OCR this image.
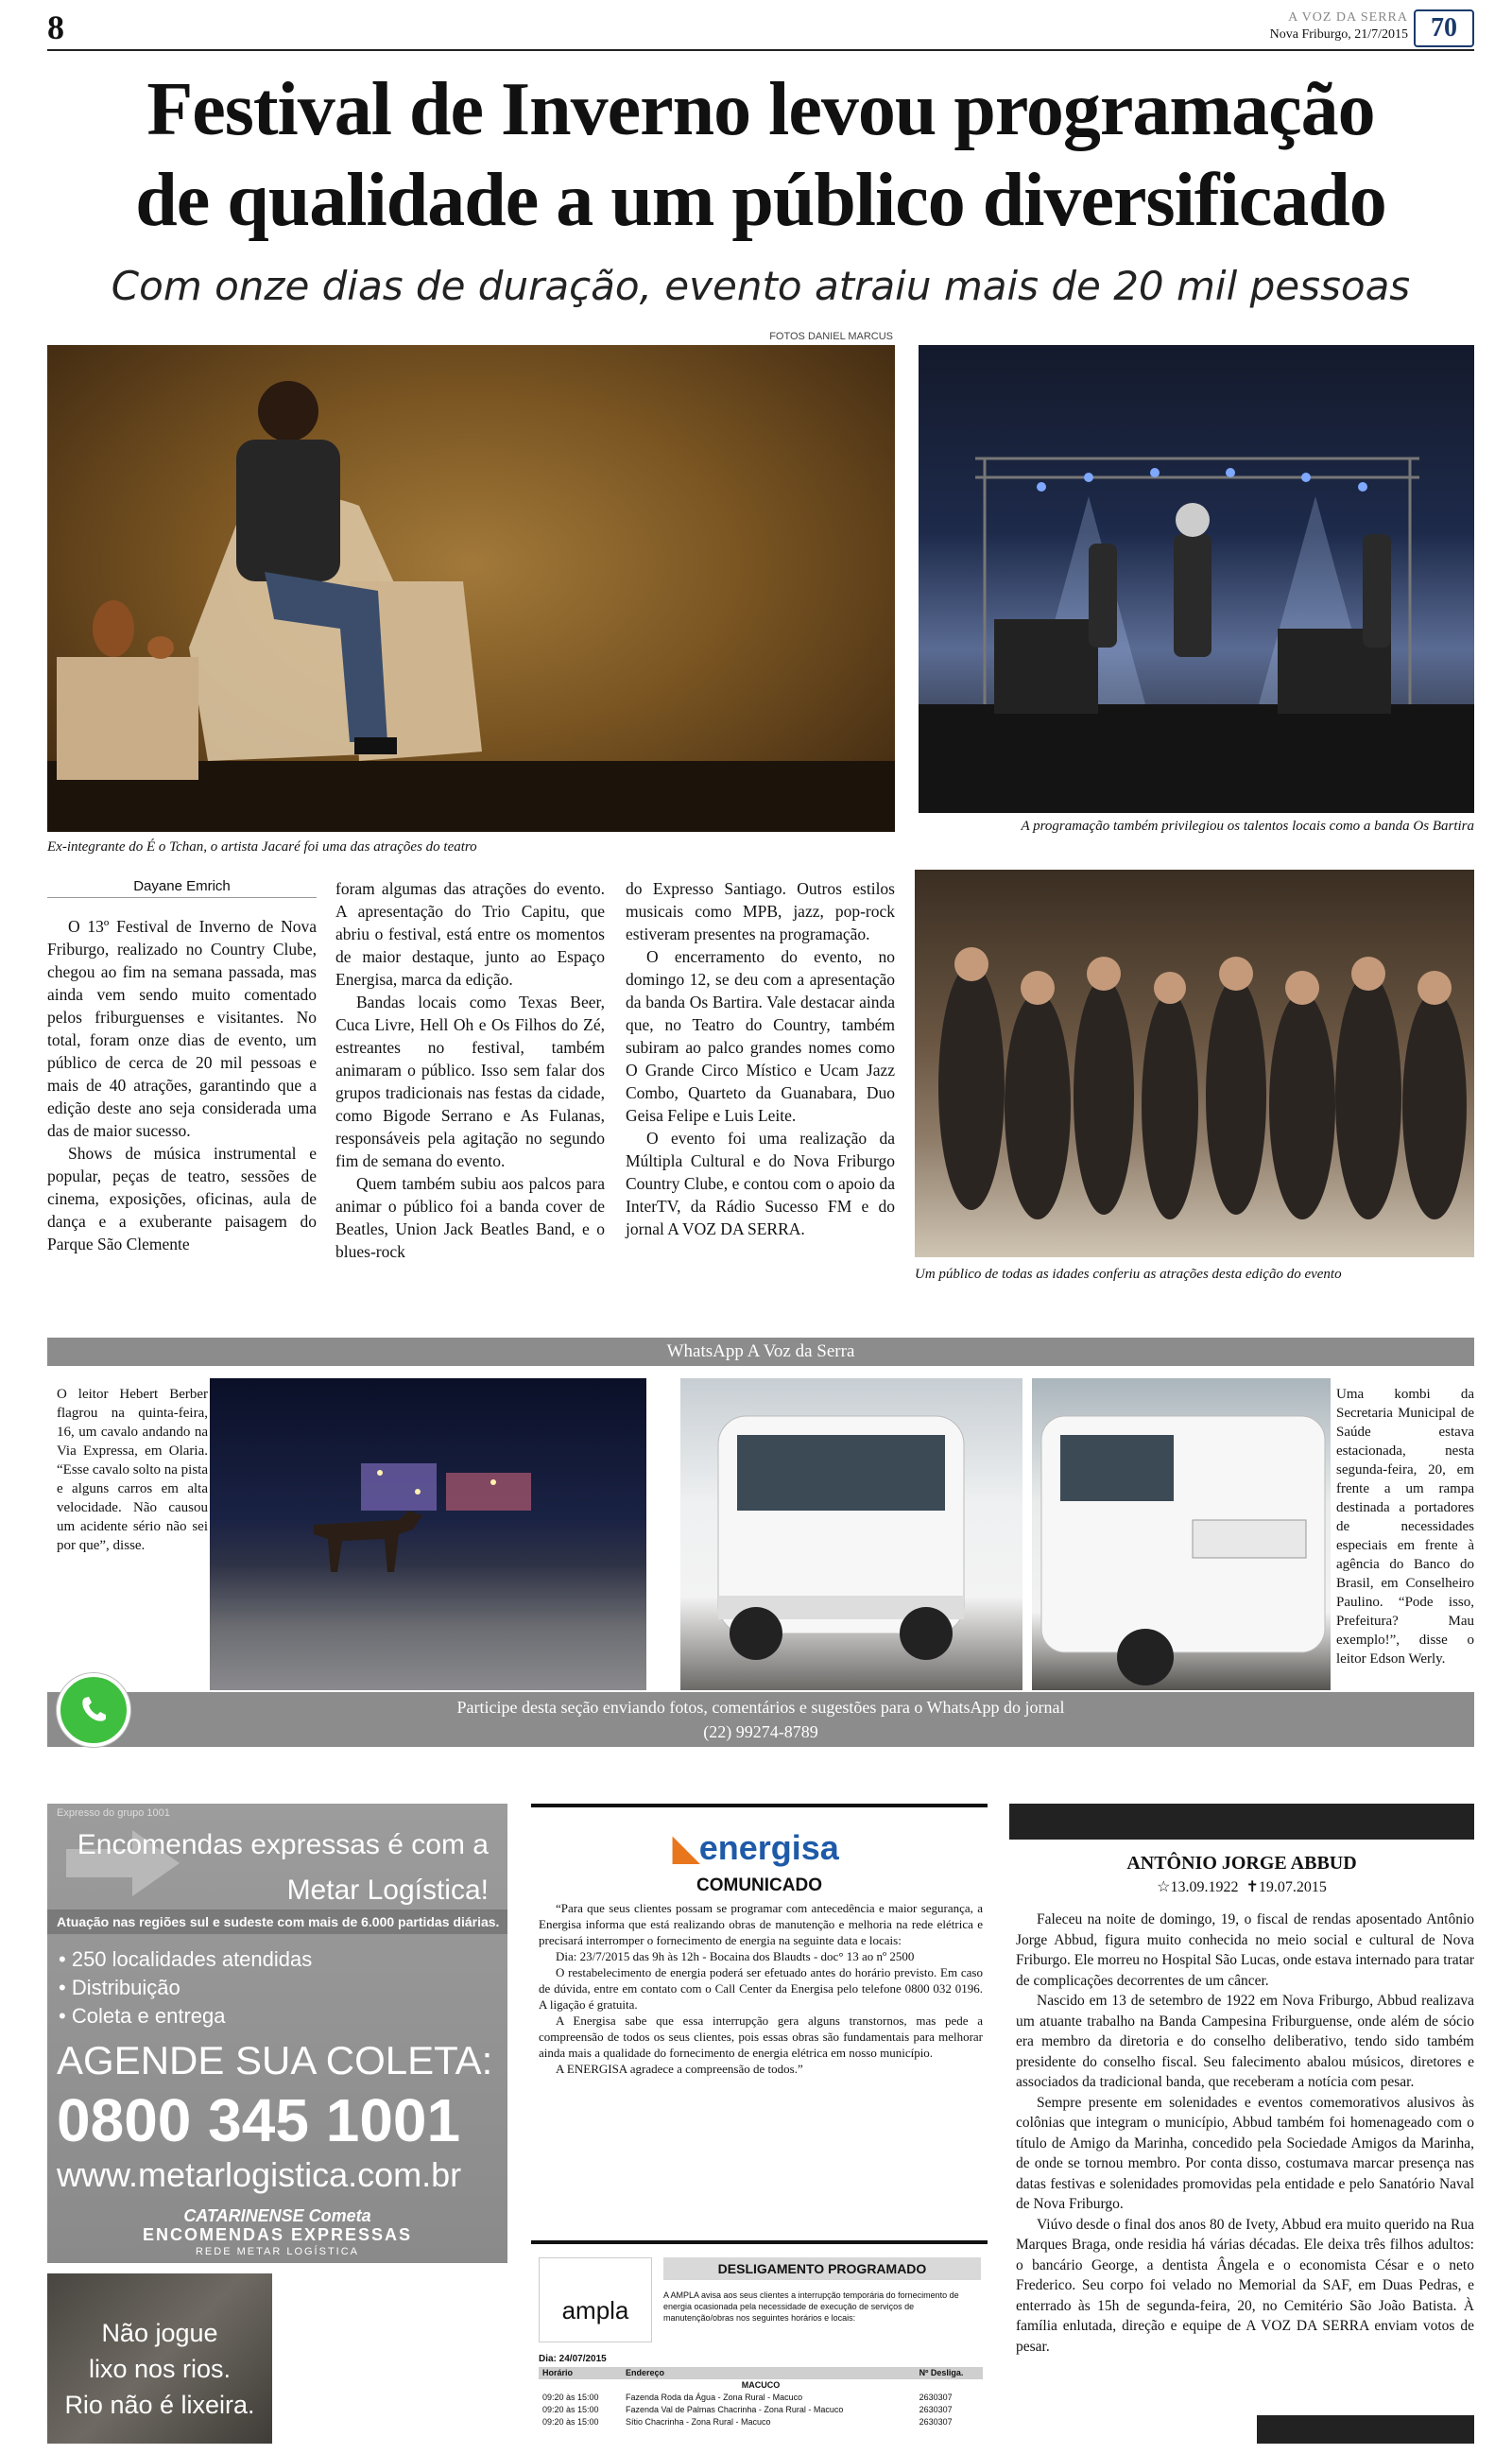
8	A VOZ DA SERRA
Nova Friburgo, 21/7/2015 70
Festival de Inverno levou programação
de qualidade a um público diversificado
Com onze dias de duração, evento atraiu mais de 20 mil pessoas
FOTOS DANIEL MARCUS
Ex-integrante do É o Tchan, o artista Jacaré foi uma das atrações do teatro
A programação também privilegiou os talentos locais como a banda Os Bartira
Dayane Emrich

O 13º Festival de Inverno de Nova Friburgo, realizado no Country Clube, chegou ao fim na semana passada, mas ainda vem sendo muito comentado pelos friburguenses e visitantes. No total, foram onze dias de evento, um público de cerca de 20 mil pessoas e mais de 40 atrações, garantindo que a edição deste ano seja considerada uma das de maior sucesso.

Shows de música instrumental e popular, peças de teatro, sessões de cinema, exposições, oficinas, aula de dança e a exuberante paisagem do Parque São Clemente

foram algumas das atrações do evento. A apresentação do Trio Capitu, que abriu o festival, está entre os momentos de maior destaque, junto ao Espaço Energisa, marca da edição.

Bandas locais como Texas Beer, Cuca Livre, Hell Oh e Os Filhos do Zé, estreantes no festival, também animaram o público. Isso sem falar dos grupos tradicionais nas festas da cidade, como Bigode Serrano e As Fulanas, responsáveis pela agitação no segundo fim de semana do evento.

Quem também subiu aos palcos para animar o público foi a banda cover de Beatles, Union Jack Beatles Band, e o blues-rock

do Expresso Santiago. Outros estilos musicais como MPB, jazz, pop-rock estiveram presentes na programação.

O encerramento do evento, no domingo 12, se deu com a apresentação da banda Os Bartira. Vale destacar ainda que, no Teatro do Country, também subiram ao palco grandes nomes como O Grande Circo Místico e Ucam Jazz Combo, Quarteto da Guanabara, Duo Geisa Felipe e Luis Leite.

O evento foi uma realização da Múltipla Cultural e do Nova Friburgo Country Clube, e contou com o apoio da InterTV, da Rádio Sucesso FM e do jornal A VOZ DA SERRA.

Um público de todas as idades conferiu as atrações desta edição do evento
WhatsApp A Voz da Serra
O leitor Hebert Berber flagrou na quinta-feira, 16, um cavalo andando na Via Expressa, em Olaria. “Esse cavalo solto na pista e alguns carros em alta velocidade. Não causou um acidente sério não sei por que”, disse.
Uma kombi da Secretaria Municipal de Saúde estava estacionada, nesta segunda-feira, 20, em frente a um rampa destinada a portadores de necessidades especiais em frente à agência do Banco do Brasil, em Conselheiro Paulino. “Pode isso, Prefeitura? Mau exemplo!”, disse o leitor Edson Werly.
Participe desta seção enviando fotos, comentários e sugestões para o WhatsApp do jornal
(22) 99274-8789
Expresso do grupo 1001
Encomendas expressas é com a
Metar Logística!
Atuação nas regiões sul e sudeste com mais de 6.000 partidas diárias.
• 250 localidades atendidas
• Distribuição
• Coleta e entrega
AGENDE SUA COLETA:
0800 345 1001
www.metarlogistica.com.br
CATARINENSE Cometa
ENCOMENDAS EXPRESSAS
REDE METAR LOGÍSTICA
Não jogue
lixo nos rios.
Rio não é lixeira.
◣energisa
COMUNICADO

“Para que seus clientes possam se programar com antecedência e maior segurança, a Energisa informa que está realizando obras de manutenção e melhoria na rede elétrica e precisará interromper o fornecimento de energia na seguinte data e locais:

Dia: 23/7/2015 das 9h às 12h - Bocaina dos Blaudts - doc° 13 ao nº 2500

O restabelecimento de energia poderá ser efetuado antes do horário previsto. Em caso de dúvida, entre em contato com o Call Center da Energisa pelo telefone 0800 032 0196. A ligação é gratuita.

A Energisa sabe que essa interrupção gera alguns transtornos, mas pede a compreensão de todos os seus clientes, pois essas obras são fundamentais para melhorar ainda mais a qualidade do fornecimento de energia elétrica em nosso município.

A ENERGISA agradece a compreensão de todos.”

ampla
DESLIGAMENTO PROGRAMADO
A AMPLA avisa aos seus clientes a interrupção temporária do fornecimento de energia ocasionada pela necessidade de execução de serviços de manutenção/obras nos seguintes horários e locais:
Dia: 24/07/2015
Horário	Endereço	Nº Desliga.
MACUCO		
09:20 às 15:00	Fazenda Roda da Água - Zona Rural - Macuco	2630307
09:20 às 15:00	Fazenda Val de Palmas Chacrinha - Zona Rural - Macuco	2630307
09:20 às 15:00	Sítio Chacrinha - Zona Rural - Macuco	2630307
ANTÔNIO JORGE ABBUD
☆13.09.1922 ✝19.07.2015

Faleceu na noite de domingo, 19, o fiscal de rendas aposentado Antônio Jorge Abbud, figura muito conhecida no meio social e cultural de Nova Friburgo. Ele morreu no Hospital São Lucas, onde estava internado para tratar de complicações decorrentes de um câncer.

Nascido em 13 de setembro de 1922 em Nova Friburgo, Abbud realizava um atuante trabalho na Banda Campesina Friburguense, onde além de sócio era membro da diretoria e do conselho deliberativo, tendo sido também presidente do conselho fiscal. Seu falecimento abalou músicos, diretores e associados da tradicional banda, que receberam a notícia com pesar.

Sempre presente em solenidades e eventos comemorativos alusivos às colônias que integram o município, Abbud também foi homenageado com o título de Amigo da Marinha, concedido pela Sociedade Amigos da Marinha, de onde se tornou membro. Por conta disso, costumava marcar presença nas datas festivas e solenidades promovidas pela entidade e pelo Sanatório Naval de Nova Friburgo.

Viúvo desde o final dos anos 80 de Ivety, Abbud era muito querido na Rua Marques Braga, onde residia há várias décadas. Ele deixa três filhos adultos: o bancário George, a dentista Ângela e o economista César e o neto Frederico. Seu corpo foi velado no Memorial da SAF, em Duas Pedras, e enterrado às 15h de segunda-feira, 20, no Cemitério São João Batista. À família enlutada, direção e equipe de A VOZ DA SERRA enviam votos de pesar.
